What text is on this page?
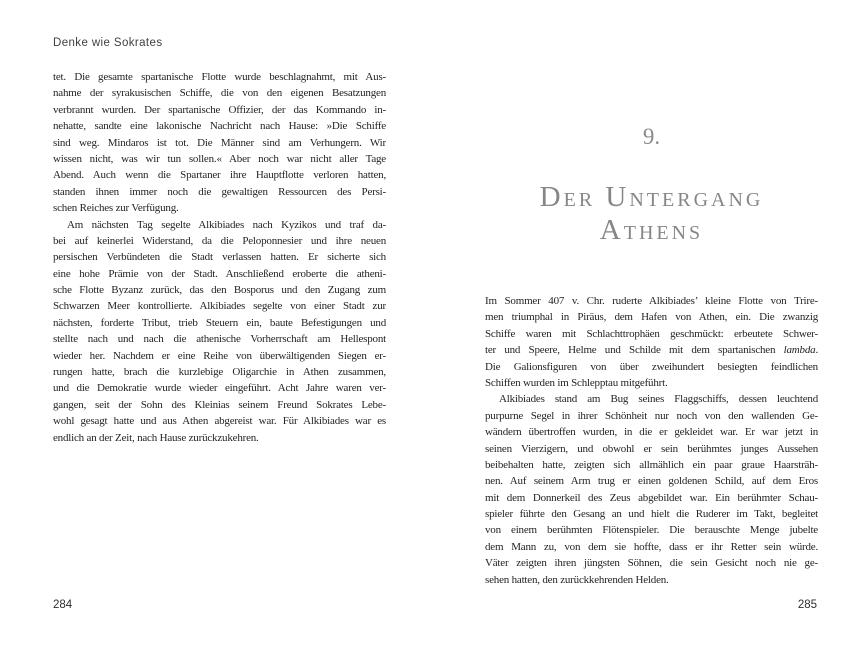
Denke wie Sokrates
tet. Die gesamte spartanische Flotte wurde beschlagnahmt, mit Aus-
nahme der syrakusischen Schiffe, die von den eigenen Besatzungen
verbrannt wurden. Der spartanische Offizier, der das Kommando in-
nehatte, sandte eine lakonische Nachricht nach Hause: »Die Schiffe
sind weg. Mindaros ist tot. Die Männer sind am Verhungern. Wir
wissen nicht, was wir tun sollen.« Aber noch war nicht aller Tage
Abend. Auch wenn die Spartaner ihre Hauptflotte verloren hatten,
standen ihnen immer noch die gewaltigen Ressourcen des Persi-
schen Reiches zur Verfügung.
Am nächsten Tag segelte Alkibiades nach Kyzikos und traf da-
bei auf keinerlei Widerstand, da die Peloponnesier und ihre neuen
persischen Verbündeten die Stadt verlassen hatten. Er sicherte sich
eine hohe Prämie von der Stadt. Anschließend eroberte die atheni-
sche Flotte Byzanz zurück, das den Bosporus und den Zugang zum
Schwarzen Meer kontrollierte. Alkibiades segelte von einer Stadt zur
nächsten, forderte Tribut, trieb Steuern ein, baute Befestigungen und
stellte nach und nach die athenische Vorherrschaft am Hellespont
wieder her. Nachdem er eine Reihe von überwältigenden Siegen er-
rungen hatte, brach die kurzlebige Oligarchie in Athen zusammen,
und die Demokratie wurde wieder eingeführt. Acht Jahre waren ver-
gangen, seit der Sohn des Kleinias seinem Freund Sokrates Lebe-
wohl gesagt hatte und aus Athen abgereist war. Für Alkibiades war es
endlich an der Zeit, nach Hause zurückzukehren.
9.
Der Untergang
Athens
Im Sommer 407 v. Chr. ruderte Alkibiades’ kleine Flotte von Trire-
men triumphal in Piräus, dem Hafen von Athen, ein. Die zwanzig
Schiffe waren mit Schlachttrophäen geschmückt: erbeutete Schwer-
ter und Speere, Helme und Schilde mit dem spartanischen lambda.
Die Galionsfiguren von über zweihundert besiegten feindlichen
Schiffen wurden im Schlepptau mitgeführt.
Alkibiades stand am Bug seines Flaggschiffs, dessen leuchtend
purpurne Segel in ihrer Schönheit nur noch von den wallenden Ge-
wändern übertroffen wurden, in die er gekleidet war. Er war jetzt in
seinen Vierzigern, und obwohl er sein berühmtes junges Aussehen
beibehalten hatte, zeigten sich allmählich ein paar graue Haarsträh-
nen. Auf seinem Arm trug er einen goldenen Schild, auf dem Eros
mit dem Donnerkeil des Zeus abgebildet war. Ein berühmter Schau-
spieler führte den Gesang an und hielt die Ruderer im Takt, begleitet
von einem berühmten Flötenspieler. Die berauschte Menge jubelte
dem Mann zu, von dem sie hoffte, dass er ihr Retter sein würde.
Väter zeigten ihren jüngsten Söhnen, die sein Gesicht noch nie ge-
sehen hatten, den zurückkehrenden Helden.
284	285
